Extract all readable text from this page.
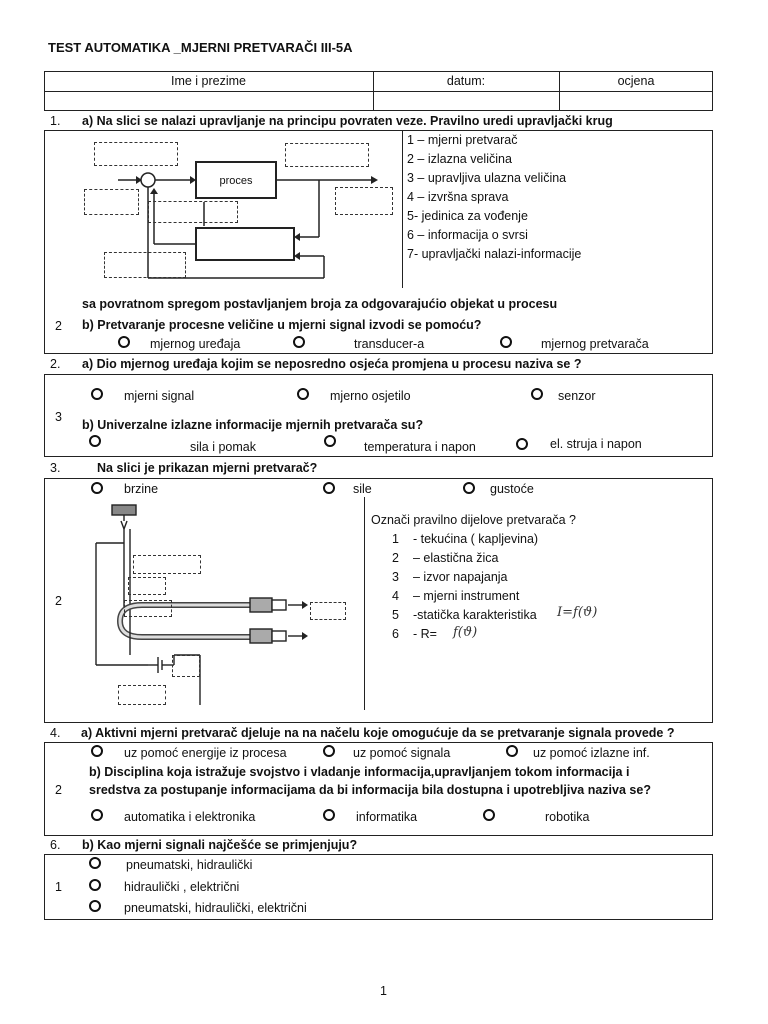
TEST AUTOMATIKA _MJERNI PRETVARAČI III-5A
Ime i prezime	datum:	ocjena
1. a) Na slici se nalazi upravljanje na principu povraten veze. Pravilno uredi upravljački krug
proces
1 – mjerni pretvarač
2 – izlazna veličina
3 – upravljiva ulazna veličina
4 – izvršna sprava
5- jedinica za vođenje
6 – informacija o svrsi
7- upravljački nalazi-informacije
sa povratnom spregom postavljanjem broja za odgovarajućio objekat u procesu
2 b) Pretvaranje procesne veličine u mjerni signal izvodi se pomoću?
mjernog uređaja	transducer-a	mjernog pretvarača
2. a) Dio mjernog uređaja kojim se neposredno osjeća promjena u procesu naziva se ?
mjerni signal	mjerno osjetilo	senzor
3
b) Univerzalne izlazne informacije mjernih pretvarača su?
sila i pomak	temperatura i napon	el. struja i napon
3.	Na slici je prikazan mjerni pretvarač?
brzine	sile	gustoće
2
Označi pravilno dijelove pretvarača ?
1 - tekućina ( kapljevina)
2 – elastična žica
3 – izvor napajanja
4 – mjerni instrument
5 -statička karakteristika
6 - R=
I=f(ϑ)
f(ϑ)
4. a) Aktivni mjerni pretvarač djeluje na na načelu koje omogućuje da se pretvaranje signala provede ?
uz pomoć energije iz procesa	uz pomoć signala	uz pomoć izlazne inf.
b) Disciplina koja istražuje svojstvo i vladanje informacija,upravljanjem tokom informacija i
sredstva za postupanje informacijama da bi informacija bila dostupna i upotrebljiva naziva se?
2
automatika i elektronika	informatika	robotika
6. b) Kao mjerni signali najčešće se primjenjuju?
pneumatski, hidraulički
1	hidraulički , električni
pneumatski, hidraulički, električni
1
